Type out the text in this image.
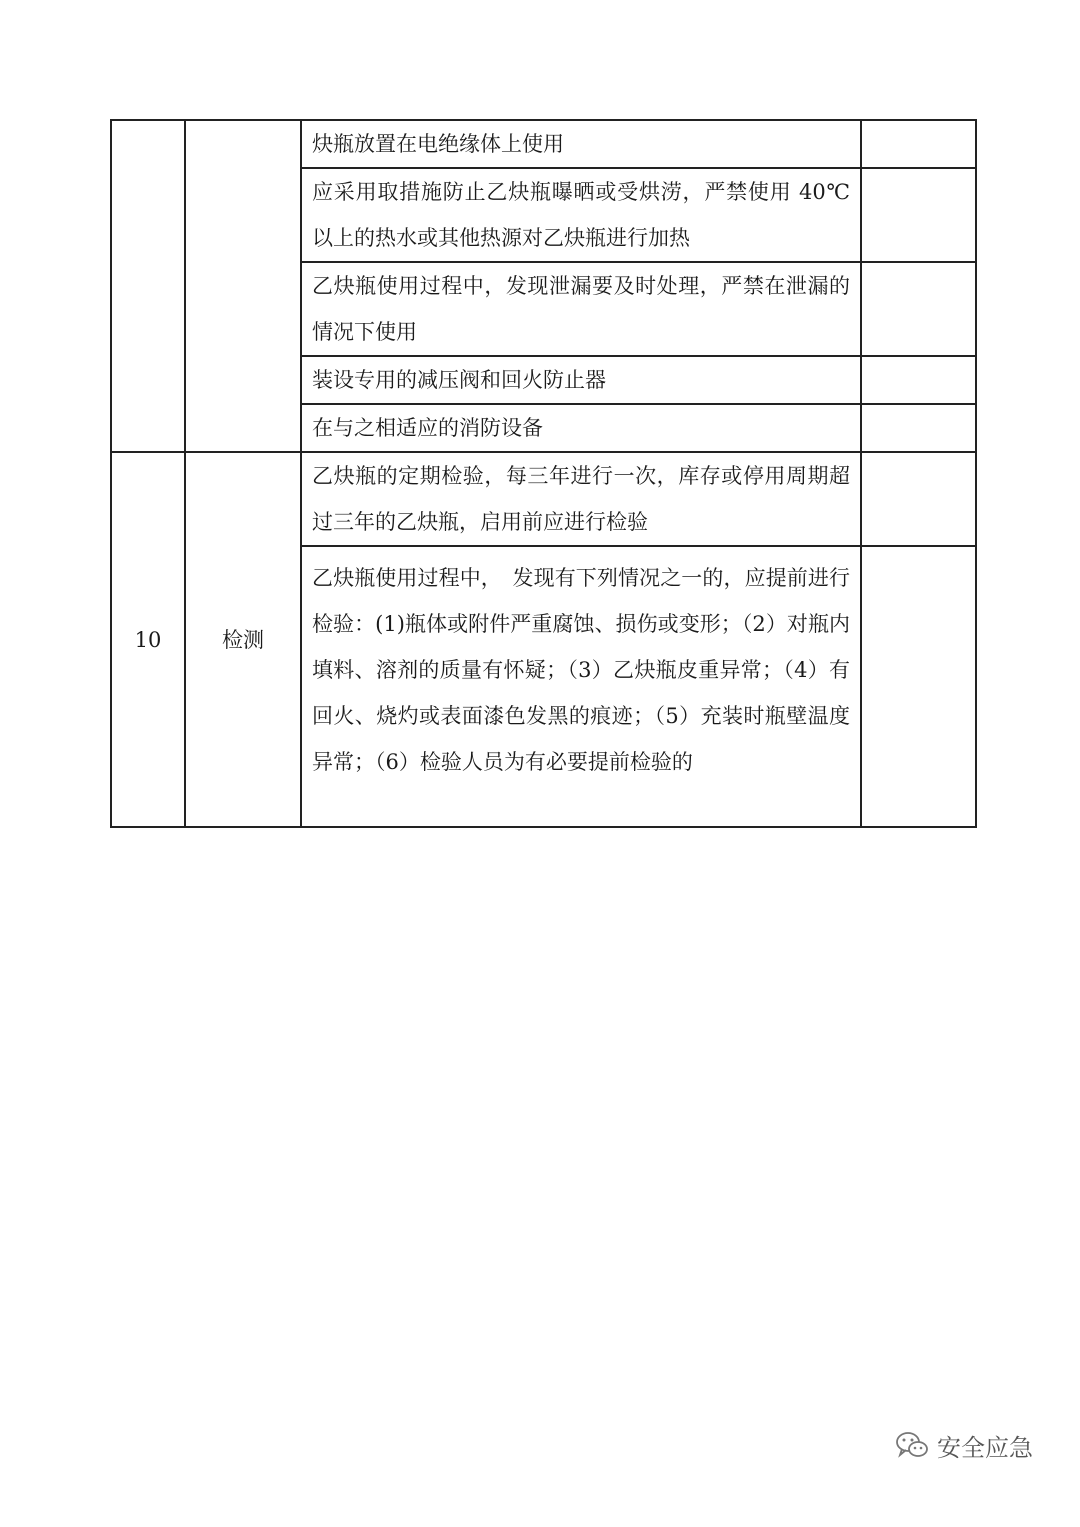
		炔瓶放置在电绝缘体上使用	

		应采用取措施防止乙炔瓶曝晒或受烘涝，严禁使用 40℃以上的热水或其他热源对乙炔瓶进行加热	

		乙炔瓶使用过程中，发现泄漏要及时处理，严禁在泄漏的情况下使用	

		装设专用的减压阀和回火防止器	

		在与之相适应的消防设备	

10	检测	乙炔瓶的定期检验，每三年进行一次，库存或停用周期超过三年的乙炔瓶，启用前应进行检验	

		乙炔瓶使用过程中，　发现有下列情况之一的，应提前进行检验：(1)瓶体或附件严重腐蚀、损伤或变形；（2）对瓶内填料、溶剂的质量有怀疑；（3）乙炔瓶皮重异常；（4）有回火、烧灼或表面漆色发黑的痕迹；（5）充装时瓶壁温度异常；（6）检验人员为有必要提前检验的	

安全应急
